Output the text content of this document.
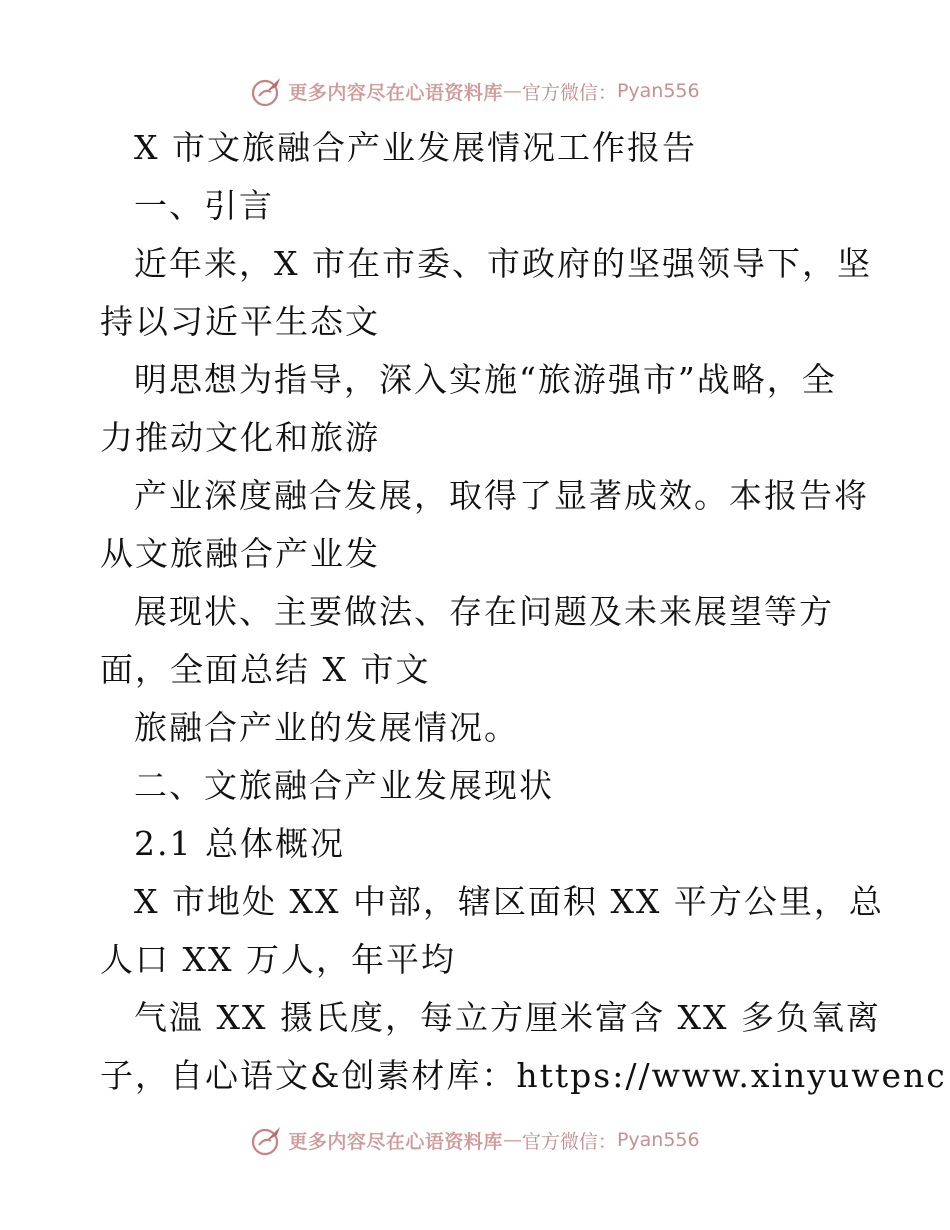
更多内容尽在心语资料库 — 官方微信： Pyan556
X 市文旅融合产业发展情况工作报告
一、引言
近年来，X 市在市委、市政府的坚强领导下，坚
持以习近平生态文
明思想为指导，深入实施“旅游强市”战略，全
力推动文化和旅游
产业深度融合发展，取得了显著成效。本报告将
从文旅融合产业发
展现状、主要做法、存在问题及未来展望等方
面，全面总结 X 市文
旅融合产业的发展情况。
二、文旅融合产业发展现状
2.1 总体概况
X 市地处 XX 中部，辖区面积 XX 平方公里，总
人口 XX 万人，年平均
气温 XX 摄氏度，每立方厘米富含 XX 多负氧离
子，自心语文&创素材库：https://www.xinyuwenc
更多内容尽在心语资料库 — 官方微信： Pyan556
